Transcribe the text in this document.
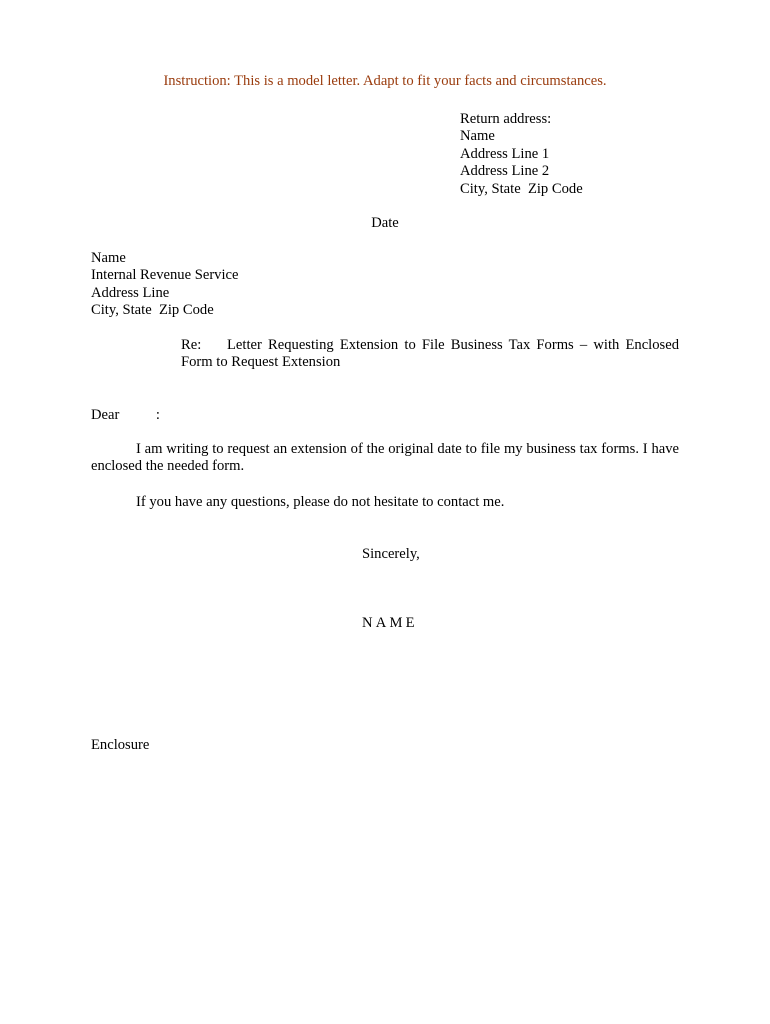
Instruction: This is a model letter. Adapt to fit your facts and circumstances.
Return address:
Name
Address Line 1
Address Line 2
City, State  Zip Code
Date
Name
Internal Revenue Service
Address Line
City, State  Zip Code
Re: Letter Requesting Extension to File Business Tax Forms – with Enclosed Form to Request Extension
Dear          :
I am writing to request an extension of the original date to file my business tax forms. I have enclosed the needed form.
If you have any questions, please do not hesitate to contact me.
Sincerely,
NAME
Enclosure
